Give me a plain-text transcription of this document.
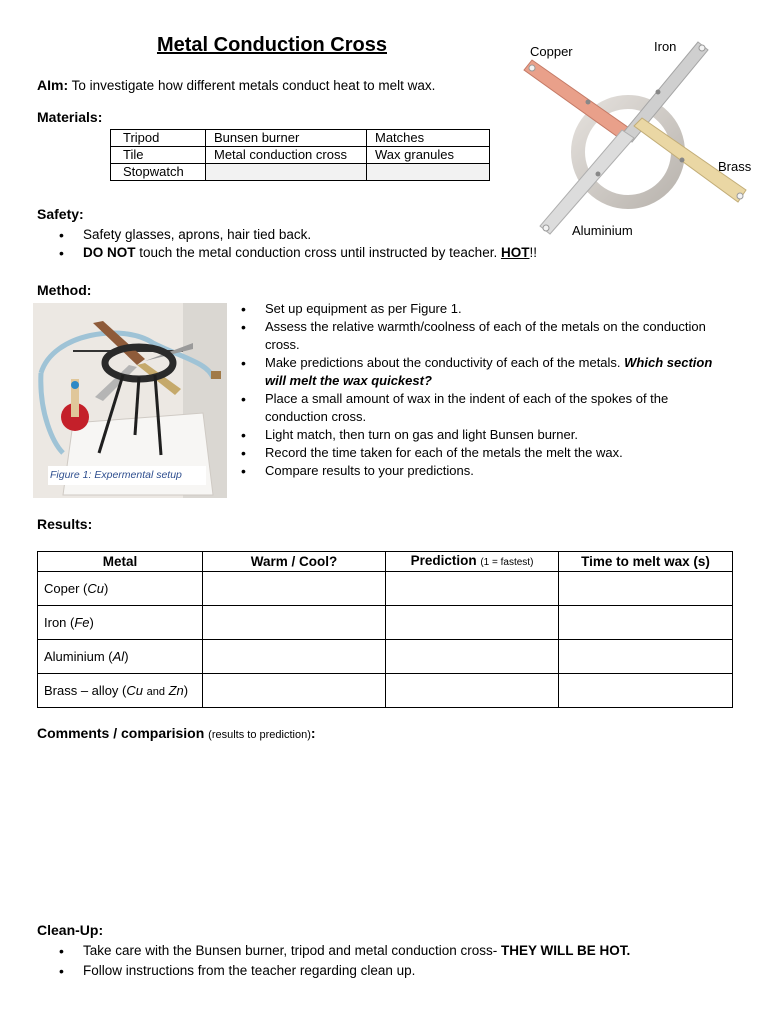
Metal Conduction Cross
AIm: To investigate how different metals conduct heat to melt wax.
Materials:
Tripod	Bunsen burner	Matches
Tile	Metal conduction cross	Wax granules
Stopwatch		
Copper	Iron
Brass
Aluminium
Safety:
• Safety glasses, aprons, hair tied back.
• DO NOT touch the metal conduction cross until instructed by teacher. HOT!!
Method:
Figure 1: Expermental setup
• Set up equipment as per Figure 1.
• Assess the relative warmth/coolness of each of the metals on the conduction cross.
• Make predictions about the conductivity of each of the metals. Which section will melt the wax quickest?
• Place a small amount of wax in the indent of each of the spokes of the conduction cross.
• Light match, then turn on gas and light Bunsen burner.
• Record the time taken for each of the metals the melt the wax.
• Compare results to your predictions.
Results:
Metal	Warm / Cool?	Prediction (1 = fastest)	Time to melt wax (s)
Coper (Cu)			
Iron (Fe)			
Aluminium (Al)			
Brass – alloy (Cu and Zn)			
Comments / comparision (results to prediction):
Clean-Up:
• Take care with the Bunsen burner, tripod and metal conduction cross- THEY WILL BE HOT.
• Follow instructions from the teacher regarding clean up.
